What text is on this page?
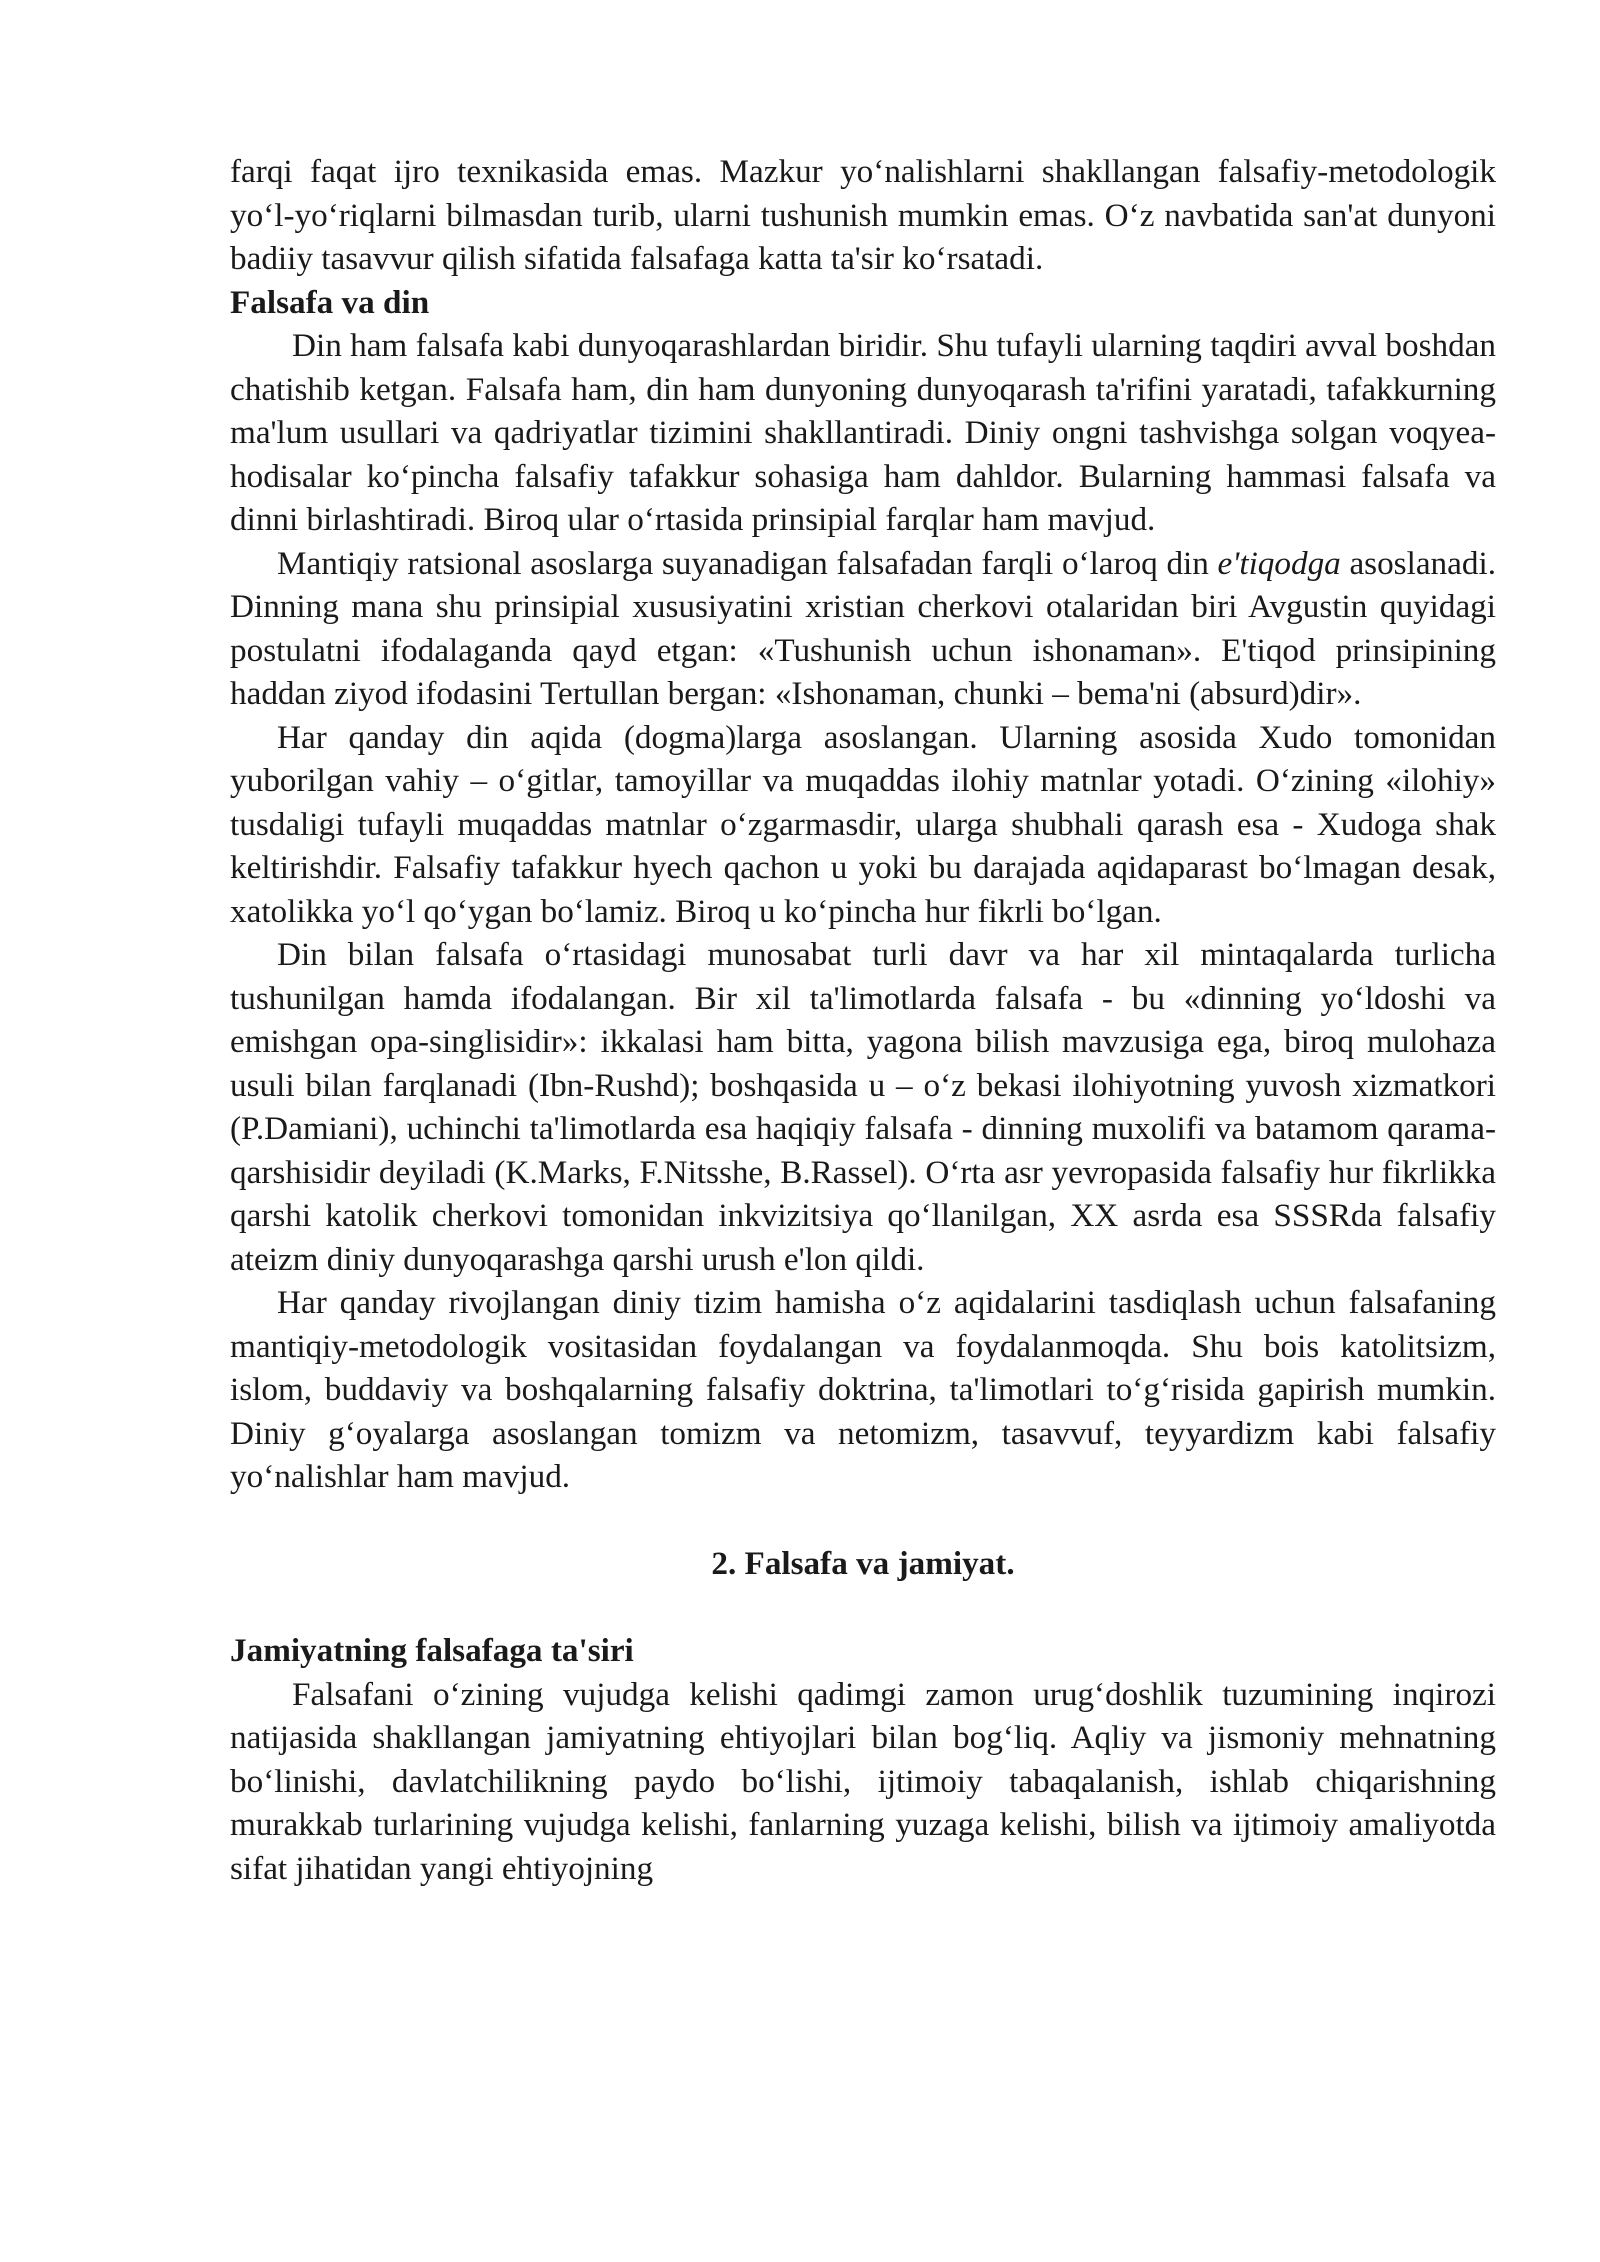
farqi faqat ijro texnikasida emas. Mazkur yo‘nalishlarni shakllangan falsafiy-metodologik yo‘l-yo‘riqlarni bilmasdan turib, ularni tushunish mumkin emas. O‘z navbatida san'at dunyoni badiiy tasavvur qilish sifatida falsafaga katta ta'sir ko‘rsatadi.

Falsafa va din

Din ham falsafa kabi dunyoqarashlardan biridir. Shu tufayli ularning taqdiri avval boshdan chatishib ketgan. Falsafa ham, din ham dunyoning dunyoqarash ta'rifini yaratadi, tafakkurning ma'lum usullari va qadriyatlar tizimini shakllantiradi. Diniy ongni tashvishga solgan voqyea-hodisalar ko‘pincha falsafiy tafakkur sohasiga ham dahldor. Bularning hammasi falsafa va dinni birlashtiradi. Biroq ular o‘rtasida prinsipial farqlar ham mavjud.

Mantiqiy ratsional asoslarga suyanadigan falsafadan farqli o‘laroq din e'tiqodga asoslanadi. Dinning mana shu prinsipial xususiyatini xristian cherkovi otalaridan biri Avgustin quyidagi postulatni ifodalaganda qayd etgan: «Tushunish uchun ishonaman». E'tiqod prinsipining haddan ziyod ifodasini Tertullan bergan: «Ishonaman, chunki – bema'ni (absurd)dir».

Har qanday din aqida (dogma)larga asoslangan. Ularning asosida Xudo tomonidan yuborilgan vahiy – o‘gitlar, tamoyillar va muqaddas ilohiy matnlar yotadi. O‘zining «ilohiy» tusdaligi tufayli muqaddas matnlar o‘zgarmasdir, ularga shubhali qarash esa - Xudoga shak keltirishdir. Falsafiy tafakkur hyech qachon u yoki bu darajada aqidaparast bo‘lmagan desak, xatolikka yo‘l qo‘ygan bo‘lamiz. Biroq u ko‘pincha hur fikrli bo‘lgan.

Din bilan falsafa o‘rtasidagi munosabat turli davr va har xil mintaqalarda turlicha tushunilgan hamda ifodalangan. Bir xil ta'limotlarda falsafa - bu «dinning yo‘ldoshi va emishgan opa-singlisidir»: ikkalasi ham bitta, yagona bilish mavzusiga ega, biroq mulohaza usuli bilan farqlanadi (Ibn-Rushd); boshqasida u – o‘z bekasi ilohiyotning yuvosh xizmatkori (P.Damiani), uchinchi ta'limotlarda esa haqiqiy falsafa - dinning muxolifi va batamom qarama-qarshisidir deyiladi (K.Marks, F.Nitsshe, B.Rassel). O‘rta asr yevropasida falsafiy hur fikrlikka qarshi katolik cherkovi tomonidan inkvizitsiya qo‘llanilgan, XX asrda esa SSSRda falsafiy ateizm diniy dunyoqarashga qarshi urush e'lon qildi.

Har qanday rivojlangan diniy tizim hamisha o‘z aqidalarini tasdiqlash uchun falsafaning mantiqiy-metodologik vositasidan foydalangan va foydalanmoqda. Shu bois katolitsizm, islom, buddaviy va boshqalarning falsafiy doktrina, ta'limotlari to‘g‘risida gapirish mumkin. Diniy g‘oyalarga asoslangan tomizm va netomizm, tasavvuf, teyyardizm kabi falsafiy yo‘nalishlar ham mavjud.

2. Falsafa va jamiyat.

Jamiyatning falsafaga ta'siri

Falsafani o‘zining vujudga kelishi qadimgi zamon urug‘doshlik tuzumining inqirozi natijasida shakllangan jamiyatning ehtiyojlari bilan bog‘liq. Aqliy va jismoniy mehnatning bo‘linishi, davlatchilikning paydo bo‘lishi, ijtimoiy tabaqalanish, ishlab chiqarishning murakkab turlarining vujudga kelishi, fanlarning yuzaga kelishi, bilish va ijtimoiy amaliyotda sifat jihatidan yangi ehtiyojning
